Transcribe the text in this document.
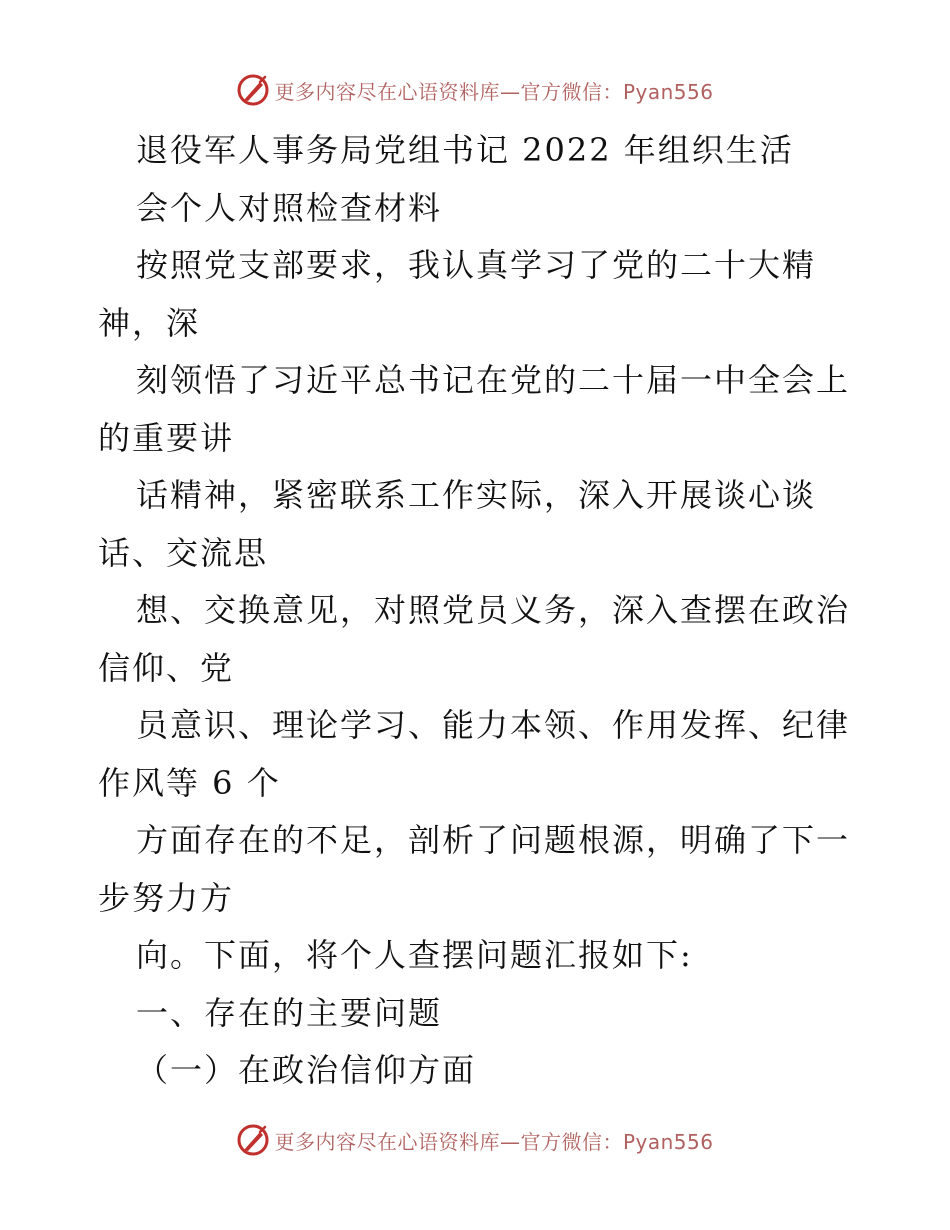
更多内容尽在心语资料库—官方微信：Pyan556
退役军人事务局党组书记 2022 年组织生活
会个人对照检查材料
按照党支部要求，我认真学习了党的二十大精
神，深
刻领悟了习近平总书记在党的二十届一中全会上
的重要讲
话精神，紧密联系工作实际，深入开展谈心谈
话、交流思
想、交换意见，对照党员义务，深入查摆在政治
信仰、党
员意识、理论学习、能力本领、作用发挥、纪律
作风等 6 个
方面存在的不足，剖析了问题根源，明确了下一
步努力方
向。下面，将个人查摆问题汇报如下:
一、存在的主要问题
（一）在政治信仰方面
更多内容尽在心语资料库—官方微信：Pyan556
